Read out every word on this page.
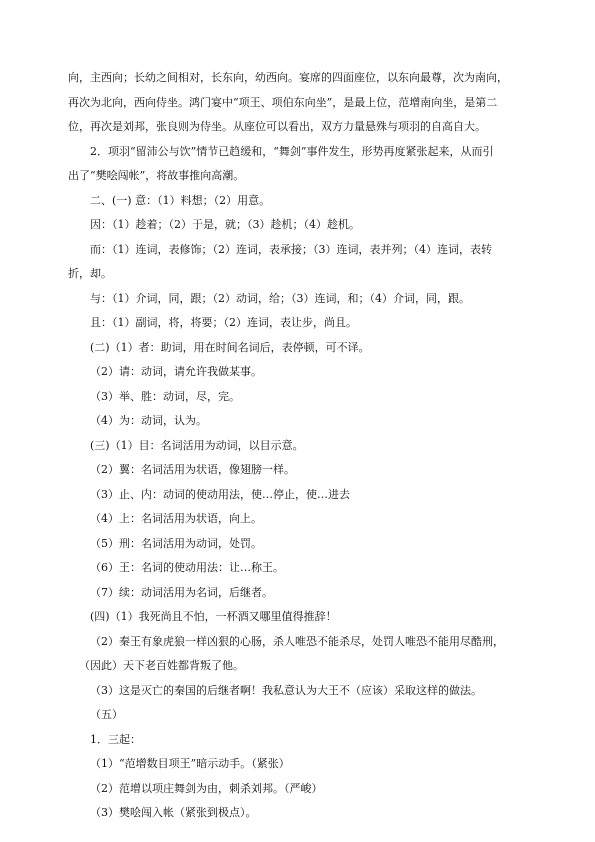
向，主西向；长幼之间相对，长东向，幼西向。宴席的四面座位，以东向最尊，次为南向，
再次为北向，西向侍坐。鸿门宴中“项王、项伯东向坐”，是最上位，范增南向坐，是第二
位，再次是刘邦，张良则为侍坐。从座位可以看出，双方力量悬殊与项羽的自高自大。
2．项羽“留沛公与饮”情节已趋缓和，“舞剑”事件发生，形势再度紧张起来，从而引
出了“樊哙闯帐”，将故事推向高潮。
二、(一) 意：（1）料想；（2）用意。
因：（1）趁着；（2）于是，就；（3）趁机；（4）趁机。
而：（1）连词，表修饰；（2）连词，表承接；（3）连词，表并列；（4）连词，表转
折，却。
与：（1）介词，同，跟；（2）动词，给；（3）连词，和；（4）介词，同，跟。
且：（1）副词，将，将要；（2）连词，表让步，尚且。
(二)（1）者：助词，用在时间名词后，表停顿，可不译。
（2）请：动词，请允许我做某事。
（3）举、胜：动词，尽，完。
（4）为：动词，认为。
(三)（1）目：名词活用为动词，以目示意。
（2）翼：名词活用为状语，像翅膀一样。
（3）止、内：动词的使动用法，使…停止，使…进去
（4）上：名词活用为状语，向上。
（5）刑：名词活用为动词，处罚。
（6）王：名词的使动用法：让…称王。
（7）续：动词活用为名词，后继者。
(四)（1）我死尚且不怕，一杯酒又哪里值得推辞！
（2）秦王有象虎狼一样凶狠的心肠，杀人唯恐不能杀尽，处罚人唯恐不能用尽酷刑，
（因此）天下老百姓都背叛了他。
（3）这是灭亡的秦国的后继者啊！我私意认为大王不（应该）采取这样的做法。
（五）
1．三起：
（1）“范增数目项王”暗示动手。（紧张）
（2）范增以项庄舞剑为由，刺杀刘邦。（严峻）
（3）樊哙闯入帐（紧张到极点）。
